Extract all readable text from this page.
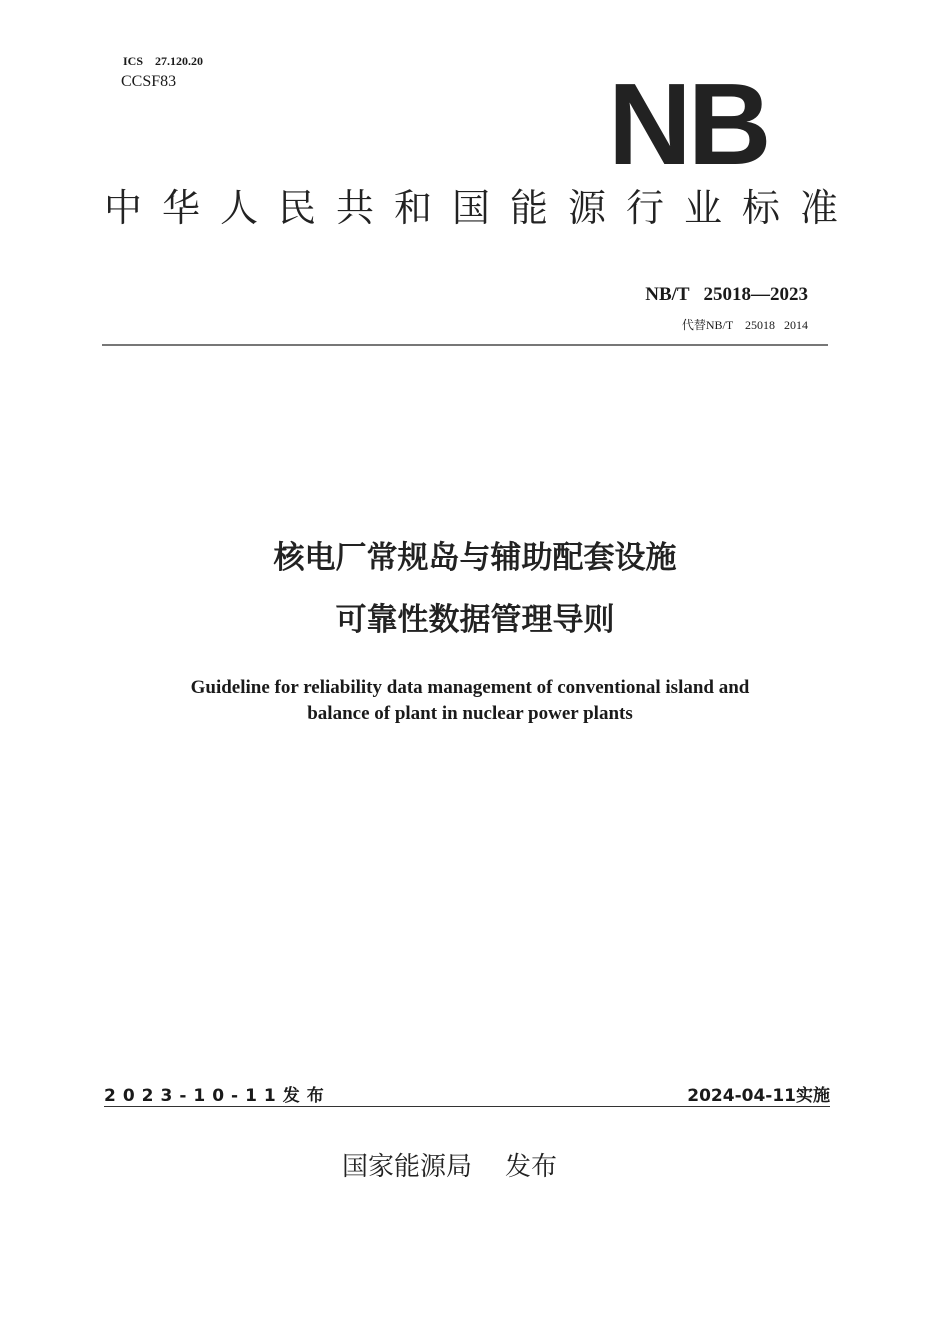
ICS    27.120.20
CCSF83	NB
中华人民共和国能源行业标准
NB/T   25018—2023
代替NB/T    25018   2014
核电厂常规岛与辅助配套设施
可靠性数据管理导则
Guideline for reliability data management of conventional island and
balance of plant in nuclear power plants
2023-10-11发布	2024-04-11实施
国家能源局    发布
